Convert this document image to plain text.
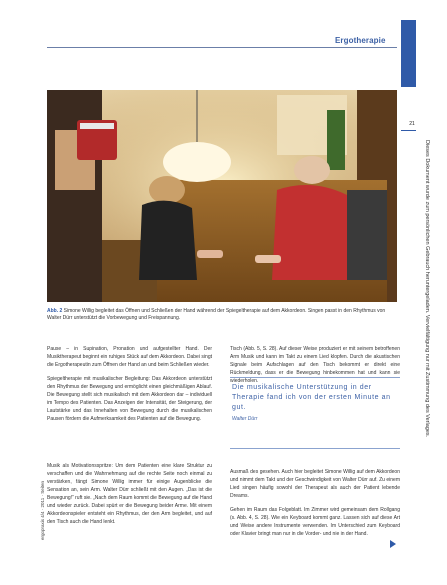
Ergotherapie
21
Dieses Dokument wurde zum persönlichen Gebrauch heruntergeladen. Vervielfältigung nur mit Zustimmung des Verlages.
ergopraxis 4/4 · 2011 · Seiten
Abb. 2 Simone Willig begleitet das Öffnen und Schließen der Hand während der Spiegeltherapie auf dem Akkordeon. Singen passt in den Rhythmus von Walter Dürr unterstützt die Vorbewegung und Freispannung.

Pause – in Supination, Pronation und aufgestellter Hand. Der Musiktherapeut beginnt ein ruhiges Stück auf dem Akkordeon. Dabei singt die Ergotherapeutin zum Öffnen der Hand an und beim Schließen wieder.

Spiegeltherapie mit musikalischer Begleitung: Das Akkordeon unterstützt den Rhythmus der Bewegung und ermöglicht einen gleichmäßigen Ablauf. Die Bewegung stellt sich musikalisch mit dem Akkordeon dar – individuell im Tempo des Patienten. Das Anzeigen der Intensität, der Steigerung, der Lautstärke und das Innehalten von Bewegung durch die musikalischen Pausen fördern die Aufmerksamkeit des Patienten auf die Bewegung.

Musik als Motivationsspritze: Um dem Patienten eine klare Struktur zu verschaffen und die Wahrnehmung auf die rechte Seite noch einmal zu verstärken, fängt Simone Willig immer für einige Augenblicke die Sensation an, sein Arm. Walter Dürr schließt mit den Augen. „Das ist die Bewegung!“ ruft sie. „Nach dem Raum kommt die Bewegung auf die Hand und wieder zurück. Dabei spürt er die Bewegung beider Arme. Mit einem Akkordeonspieler entsteht ein Rhythmus, der den Arm begleitet, und auf den Tisch auch die Hand lenkt.

Tisch (Abb. 5, S. 28). Auf dieser Weise produziert er mit seinem betroffenen Arm Musik und kann im Takt zu einem Lied klopfen. Durch die akustischen Signale beim Aufschlagen auf den Tisch bekommt er direkt eine Rückmeldung, dass er die Bewegung hinbekommen hat und kann sie wiederholen.

Die musikalische Unterstützung in der Therapie fand ich von der ersten Minute an gut.
Walter Dürr

Ausmaß des gesehen. Auch hier begleitet Simone Willig auf dem Akkordeon und nimmt dem Takt und der Geschwindigkeit von Walter Dürr auf. Zu einem Lied singen häufig sowohl der Therapeut als auch der Patient lebende Dreams.

Gehen im Raum das Folgeblatt. Im Zimmer wird gemeinsam dem Rollgang (s. Abb. 4, S. 28). Wie ein Keyboard kommt ganz. Lassen sich auf diese Art und Weise andere Instrumente verwenden. Im Unterschied zum Keyboard oder Klavier bringt man nur in die Vorder- und nie in der Hand.
